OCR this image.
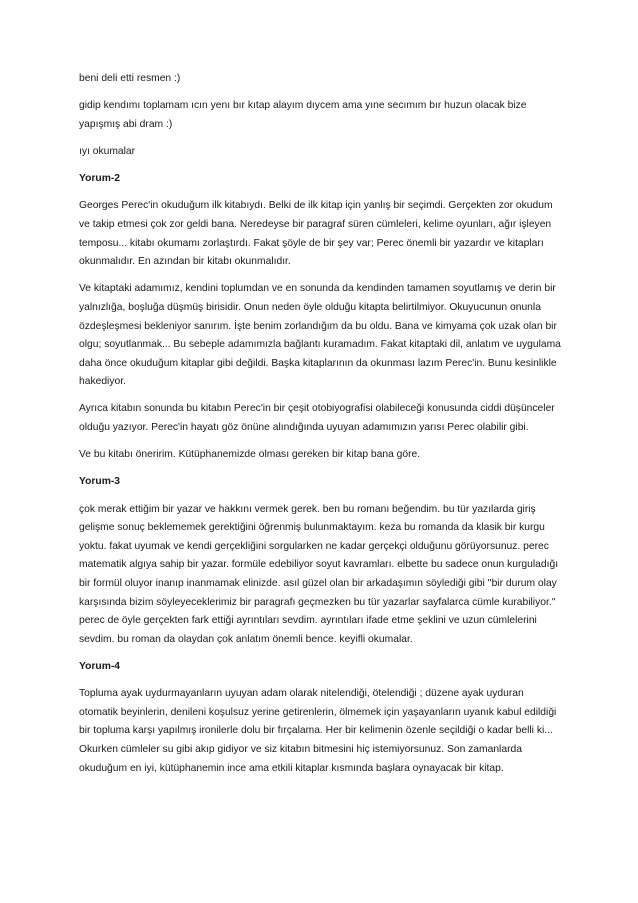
beni deli etti resmen :)

gidip kendımı toplamam ıcın yenı bır kıtap alayım dıycem ama yıne secımım bır huzun olacak bize yapışmış abi dram :)

ıyı okumalar

Yorum-2

Georges Perec'in okuduğum ilk kitabıydı. Belki de ilk kitap için yanlış bir seçimdi. Gerçekten zor okudum ve takip etmesi çok zor geldi bana. Neredeyse bir paragraf süren cümleleri, kelime oyunları, ağır işleyen temposu... kitabı okumamı zorlaştırdı. Fakat şöyle de bir şey var; Perec önemli bir yazardır ve kitapları okunmalıdır. En azından bir kitabı okunmalıdır.

Ve kitaptaki adamımız, kendini toplumdan ve en sonunda da kendinden tamamen soyutlamış ve derin bir yalnızlığa, boşluğa düşmüş birisidir. Onun neden öyle olduğu kitapta belirtilmiyor. Okuyucunun onunla özdeşleşmesi bekleniyor sanırım. İşte benim zorlandığım da bu oldu. Bana ve kimyama çok uzak olan bir olgu; soyutlanmak... Bu sebeple adamımızla bağlantı kuramadım. Fakat kitaptaki dil, anlatım ve uygulama daha önce okuduğum kitaplar gibi değildi. Başka kitaplarının da okunması lazım Perec'in. Bunu kesinlikle hakediyor.

Ayrıca kitabın sonunda bu kitabın Perec'in bir çeşit otobiyografisi olabileceği konusunda ciddi düşünceler olduğu yazıyor. Perec'in hayatı göz önüne alındığında uyuyan adamımızın yarısı Perec olabilir gibi.

Ve bu kitabı öneririm. Kütüphanemizde olması gereken bir kitap bana göre.

Yorum-3

çok merak ettiğim bir yazar ve hakkını vermek gerek. ben bu romanı beğendim. bu tür yazılarda giriş gelişme sonuç beklememek gerektiğini öğrenmiş bulunmaktayım. keza bu romanda da klasik bir kurgu yoktu. fakat uyumak ve kendi gerçekliğini sorgularken ne kadar gerçekçi olduğunu görüyorsunuz. perec matematik algıya sahip bir yazar. formüle edebiliyor soyut kavramları. elbette bu sadece onun kurguladığı bir formül oluyor inanıp inanmamak elinizde. asıl güzel olan bir arkadaşımın söylediği gibi ''bir durum olay karşısında bizim söyleyeceklerimiz bir paragrafı geçmezken bu tür yazarlar sayfalarca cümle kurabiliyor.'' perec de öyle gerçekten fark ettiği ayrıntıları sevdim. ayrıntıları ifade etme şeklini ve uzun cümlelerini sevdim. bu roman da olaydan çok anlatım önemli bence. keyifli okumalar.

Yorum-4

Topluma ayak uydurmayanların uyuyan adam olarak nitelendiği, ötelendiği ; düzene ayak uyduran otomatik beyinlerin, denileni koşulsuz yerine getirenlerin, ölmemek için yaşayanların uyanık kabul edildiği bir topluma karşı yapılmış ironilerle dolu bir fırçalama. Her bir kelimenin özenle seçildiği o kadar belli ki... Okurken cümleler su gibi akıp gidiyor ve siz kitabın bitmesini hiç istemiyorsunuz. Son zamanlarda okuduğum en iyi, kütüphanemin ince ama etkili kitaplar kısmında başlara oynayacak bir kitap.
